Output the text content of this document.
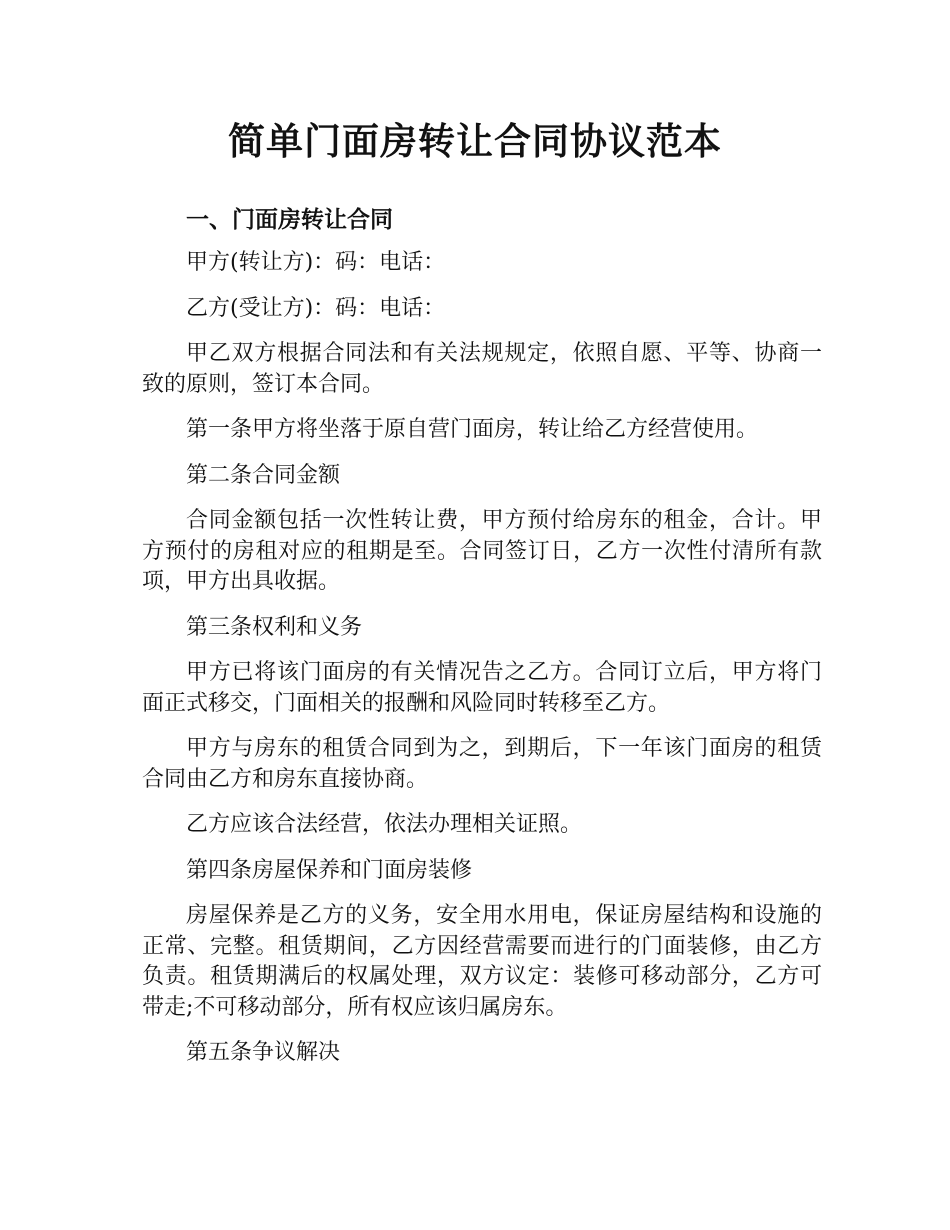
简单门面房转让合同协议范本
一、门面房转让合同

甲方(转让方)：码：电话：

乙方(受让方)：码：电话：

甲乙双方根据合同法和有关法规规定，依照自愿、平等、协商一致的原则，签订本合同。

第一条甲方将坐落于原自营门面房，转让给乙方经营使用。

第二条合同金额

合同金额包括一次性转让费，甲方预付给房东的租金，合计。甲方预付的房租对应的租期是至。合同签订日，乙方一次性付清所有款项，甲方出具收据。

第三条权利和义务

甲方已将该门面房的有关情况告之乙方。合同订立后，甲方将门面正式移交，门面相关的报酬和风险同时转移至乙方。

甲方与房东的租赁合同到为之，到期后，下一年该门面房的租赁合同由乙方和房东直接协商。

乙方应该合法经营，依法办理相关证照。

第四条房屋保养和门面房装修

房屋保养是乙方的义务，安全用水用电，保证房屋结构和设施的正常、完整。租赁期间，乙方因经营需要而进行的门面装修，由乙方负责。租赁期满后的权属处理，双方议定：装修可移动部分，乙方可带走;不可移动部分，所有权应该归属房东。

第五条争议解决
